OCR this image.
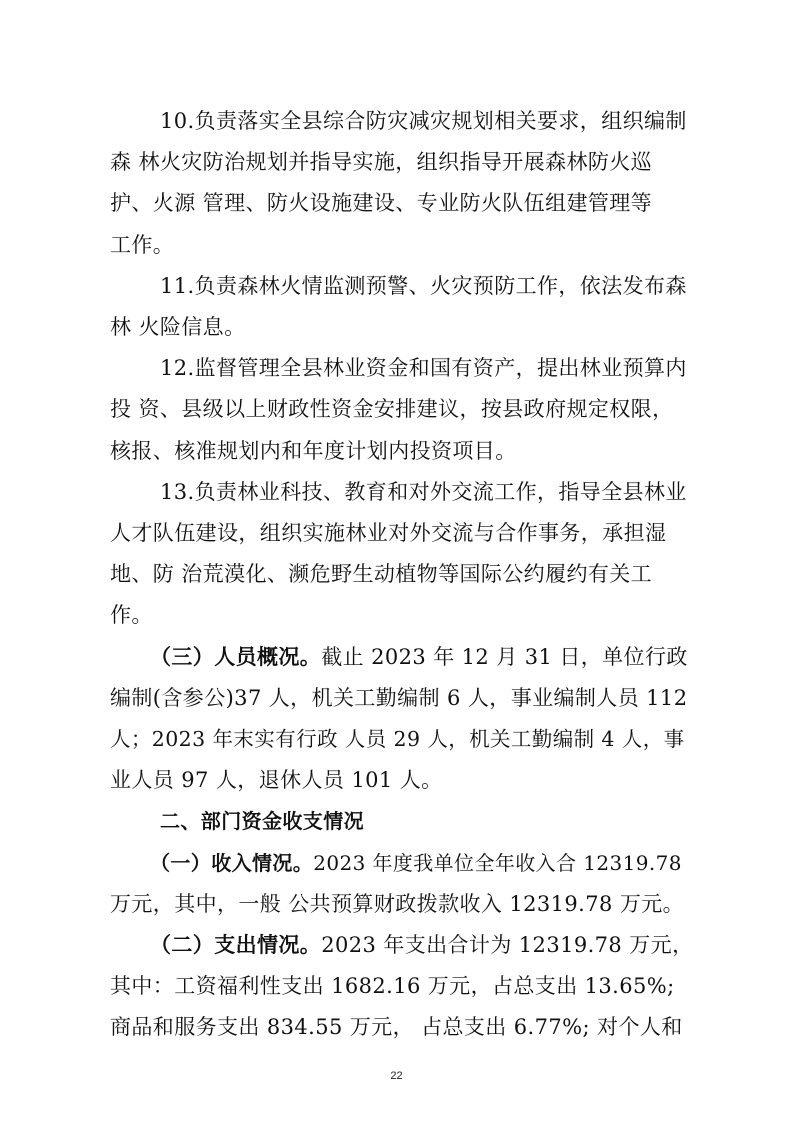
10.负责落实全县综合防灾减灾规划相关要求，组织编制
森 林火灾防治规划并指导实施，组织指导开展森林防火巡
护、火源 管理、防火设施建设、专业防火队伍组建管理等
工作。
11.负责森林火情监测预警、火灾预防工作，依法发布森
林 火险信息。
12.监督管理全县林业资金和国有资产，提出林业预算内
投 资、县级以上财政性资金安排建议，按县政府规定权限，
核报、核准规划内和年度计划内投资项目。
13.负责林业科技、教育和对外交流工作，指导全县林业
人才队伍建设，组织实施林业对外交流与合作事务，承担湿
地、防 治荒漠化、濒危野生动植物等国际公约履约有关工
作。
（三）人员概况。截止 2023 年 12 月 31 日，单位行政
编制(含参公)37 人，机关工勤编制 6 人，事业编制人员 112
人；2023 年末实有行政 人员 29 人，机关工勤编制 4 人，事
业人员 97 人，退休人员 101 人。
二、部门资金收支情况
（一）收入情况。2023 年度我单位全年收入合 12319.78
万元，其中，一般 公共预算财政拨款收入 12319.78 万元。
（二）支出情况。2023 年支出合计为 12319.78 万元，
其中：工资福利性支出 1682.16 万元，占总支出 13.65%;
商品和服务支出 834.55 万元， 占总支出 6.77%; 对个人和
22
